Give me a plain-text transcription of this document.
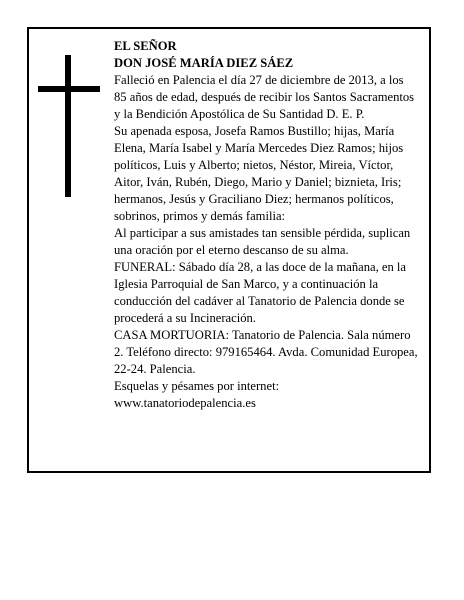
EL SEÑOR

DON JOSÉ MARÍA DIEZ SÁEZ

Falleció en Palencia el día 27 de diciembre de 2013, a los 85 años de edad, después de recibir los Santos Sacramentos y la Bendición Apostólica de Su Santidad D. E. P.

Su apenada esposa, Josefa Ramos Bustillo; hijas, María Elena, María Isabel y María Mercedes Diez Ramos; hijos políticos, Luis y Alberto; nietos, Néstor, Mireia, Víctor, Aitor, Iván, Rubén, Diego, Mario y Daniel; biznieta, Iris; hermanos, Jesús y Graciliano Diez; hermanos políticos, sobrinos, primos y demás familia:

Al participar a sus amistades tan sensible pérdida, suplican una oración por el eterno descanso de su alma.

FUNERAL: Sábado día 28, a las doce de la mañana, en la Iglesia Parroquial de San Marco, y a continuación la conducción del cadáver al Tanatorio de Palencia donde se procederá a su Incineración.

CASA MORTUORIA: Tanatorio de Palencia. Sala número 2. Teléfono directo: 979165464. Avda. Comunidad Europea, 22-24. Palencia.

Esquelas y pésames por internet: www.tanatoriodepalencia.es
